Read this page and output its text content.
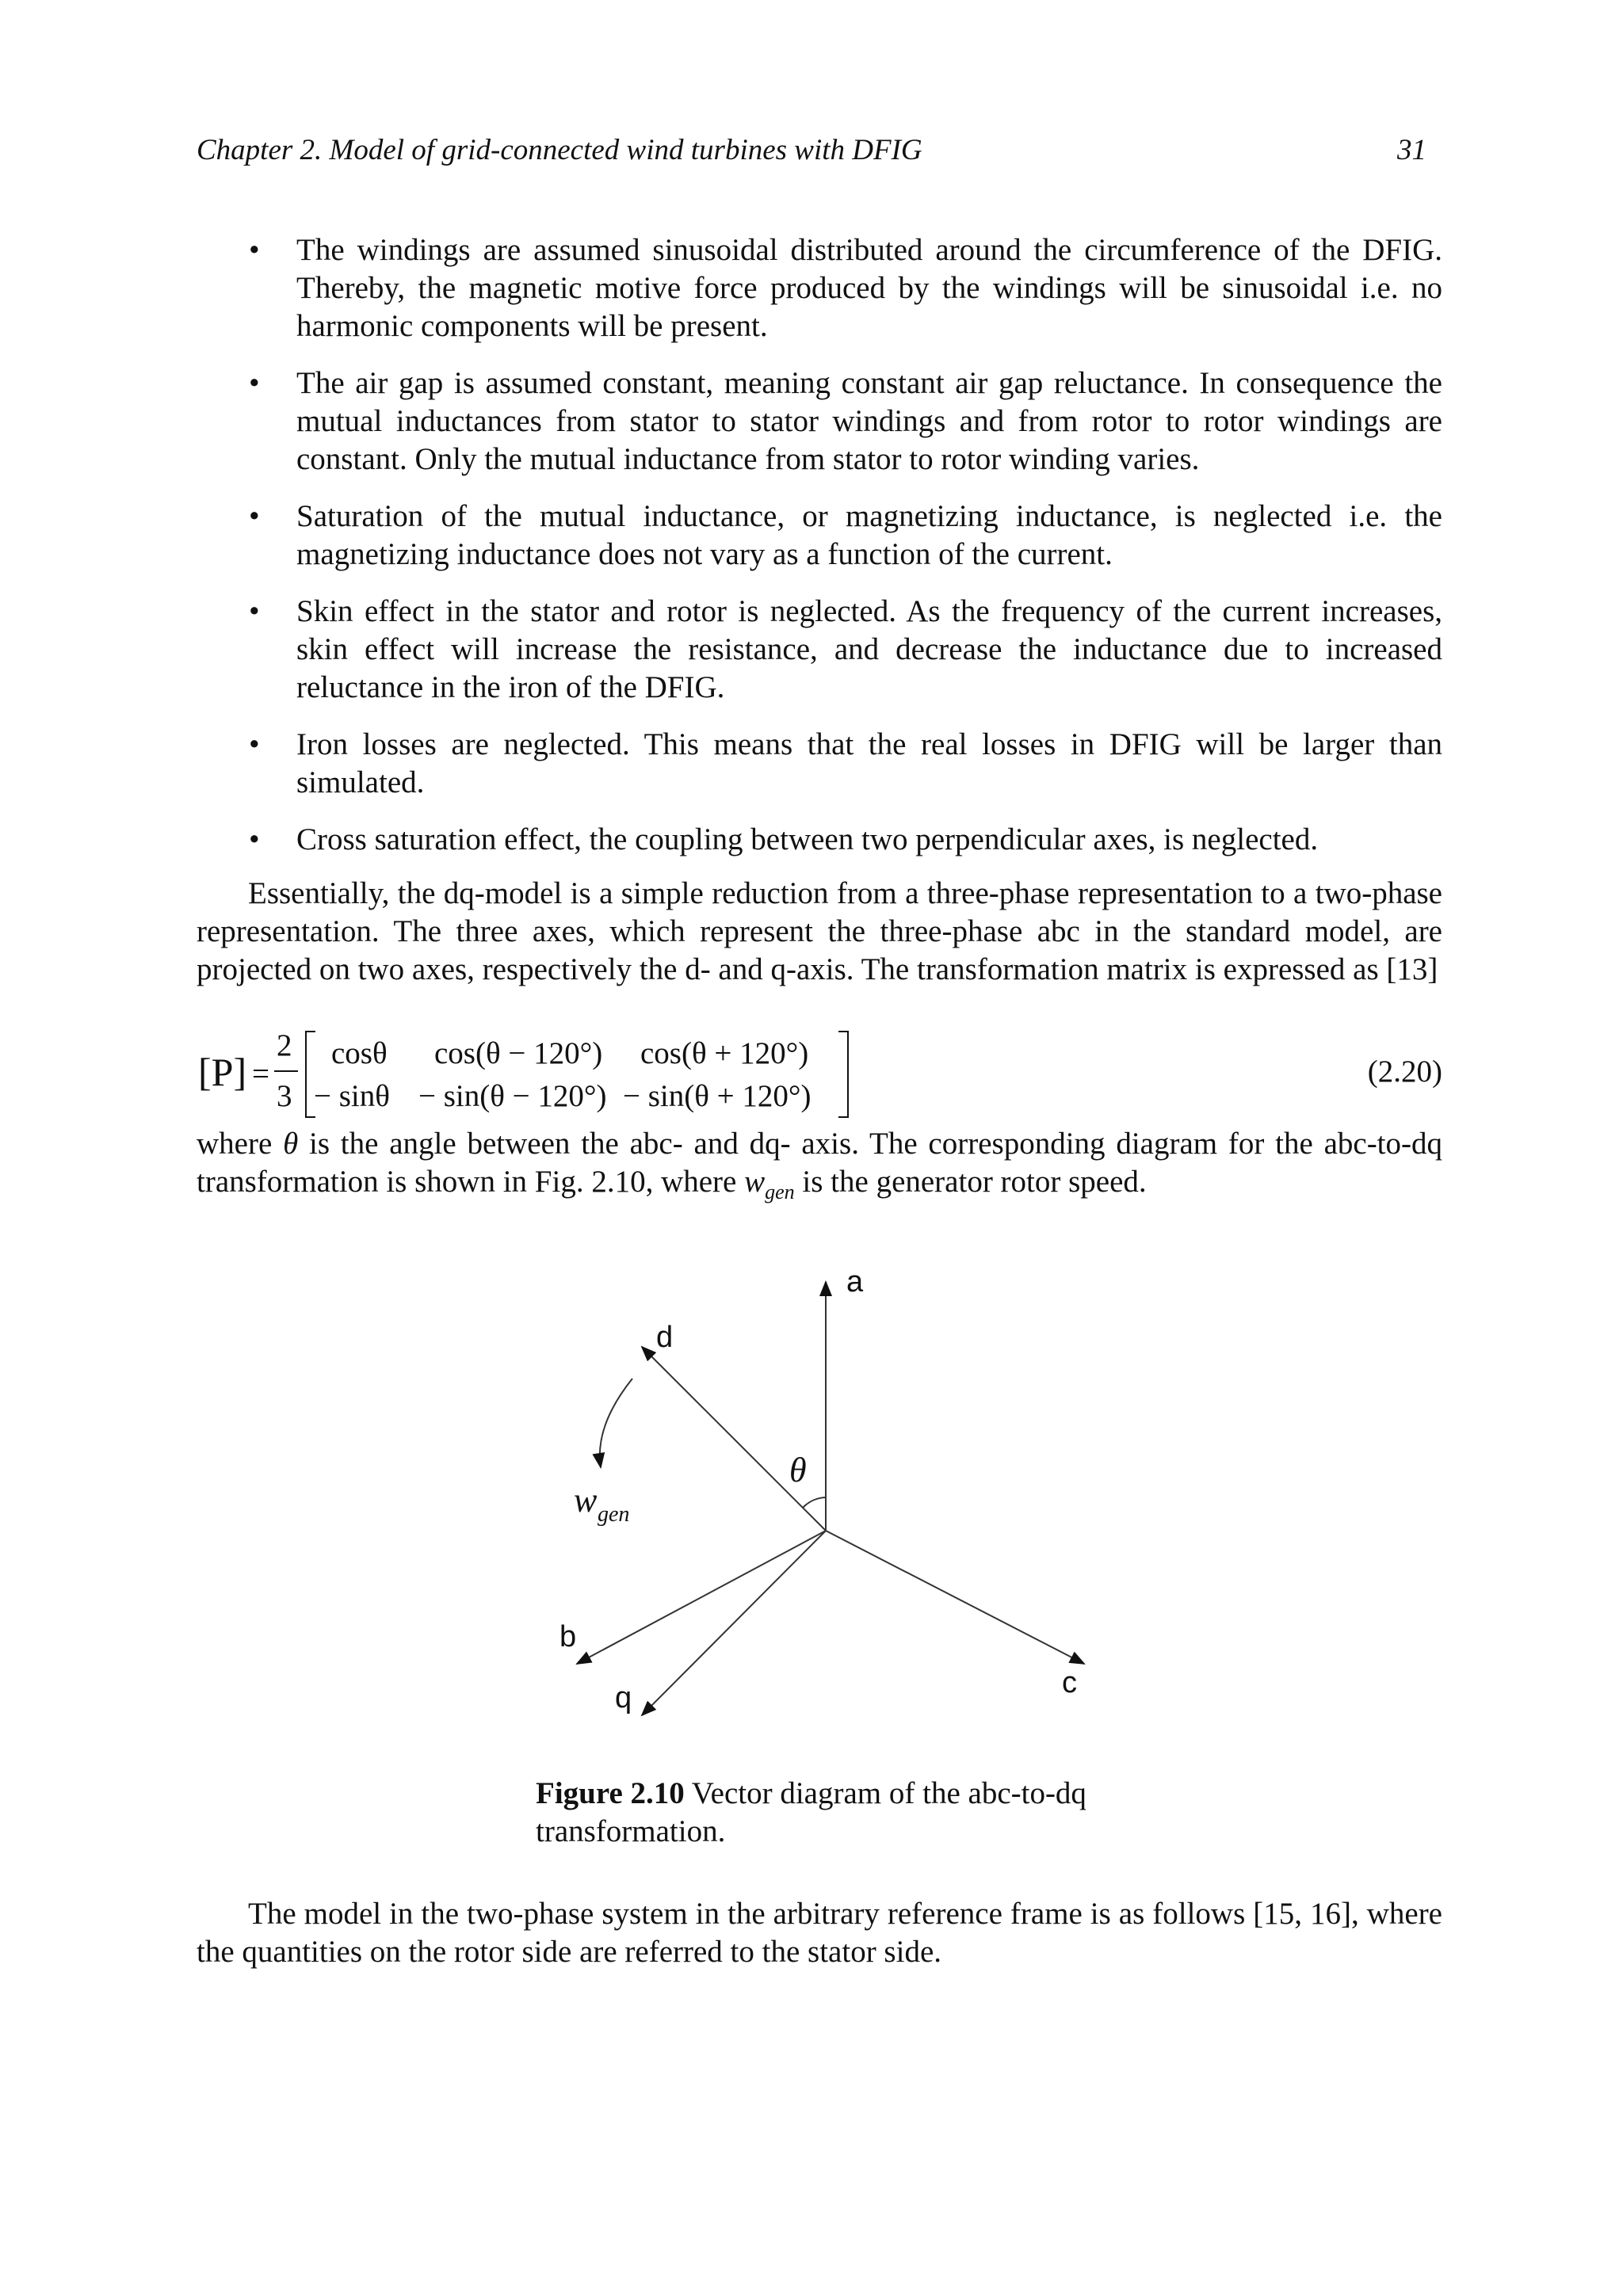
Chapter 2. Model of grid-connected wind turbines with DFIG	31
• The windings are assumed sinusoidal distributed around the circumference of the DFIG. Thereby, the magnetic motive force produced by the windings will be sinusoidal i.e. no harmonic components will be present.
• The air gap is assumed constant, meaning constant air gap reluctance. In consequence the mutual inductances from stator to stator windings and from rotor to rotor windings are constant. Only the mutual inductance from stator to rotor winding varies.
• Saturation of the mutual inductance, or magnetizing inductance, is neglected i.e. the magnetizing inductance does not vary as a function of the current.
• Skin effect in the stator and rotor is neglected. As the frequency of the current increases, skin effect will increase the resistance, and decrease the inductance due to increased reluctance in the iron of the DFIG.
• Iron losses are neglected. This means that the real losses in DFIG will be larger than simulated.
• Cross saturation effect, the coupling between two perpendicular axes, is neglected.
Essentially, the dq-model is a simple reduction from a three-phase representation to a two-phase representation. The three axes, which represent the three-phase abc in the standard model, are projected on two axes, respectively the d- and q-axis. The transformation matrix is expressed as [13]
[P] =
2
3
cosθ cos(θ − 120°) cos(θ + 120°)
− sinθ − sin(θ − 120°) − sin(θ + 120°)
(2.20)
where θ is the angle between the abc- and dq- axis. The corresponding diagram for the abc-to-dq transformation is shown in Fig. 2.10, where $w_{gen}$ is the generator rotor speed.
a
d
b
c
q
θ
w gen
Figure 2.10 Vector diagram of the abc-to-dq transformation.
The model in the two-phase system in the arbitrary reference frame is as follows [15, 16], where the quantities on the rotor side are referred to the stator side.
